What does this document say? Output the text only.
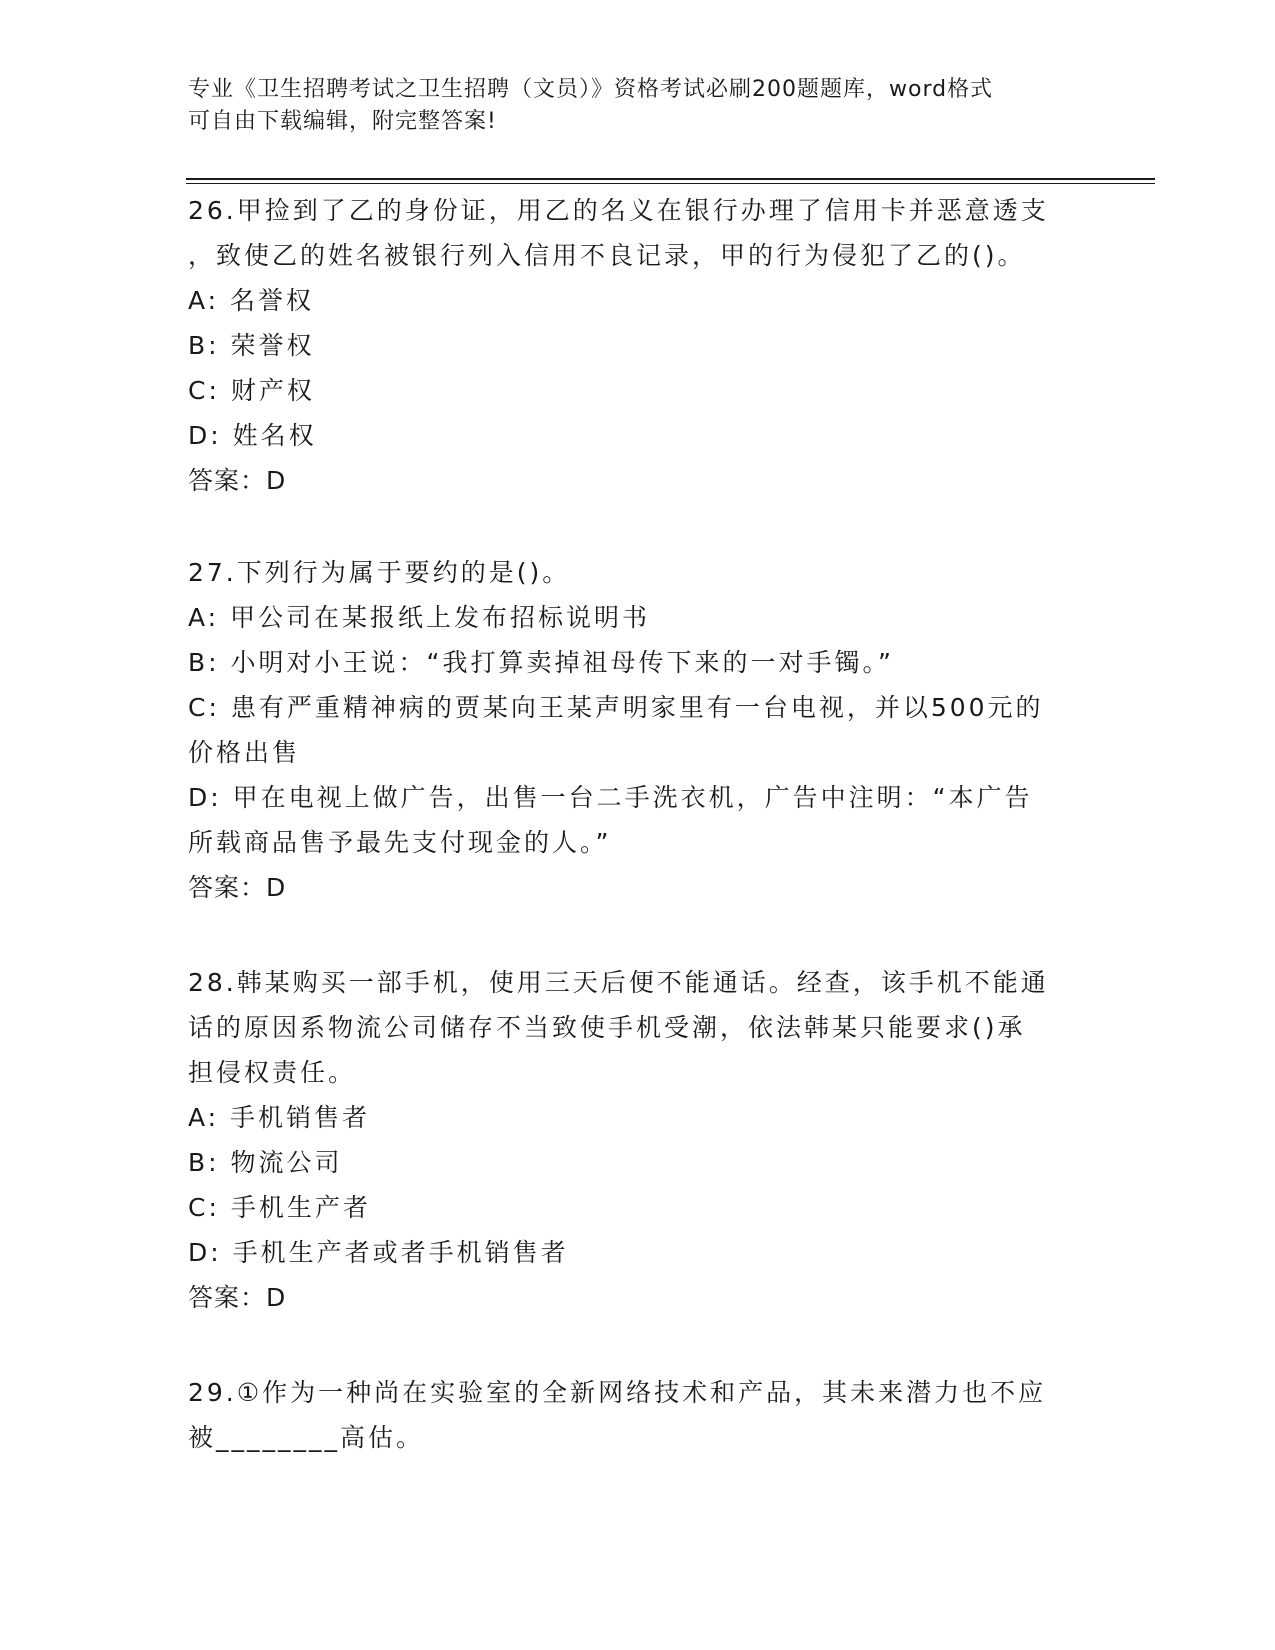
专业《卫生招聘考试之卫生招聘（文员）》资格考试必刷200题题库，word格式
可自由下载编辑，附完整答案!
26.甲捡到了乙的身份证，用乙的名义在银行办理了信用卡并恶意透支
，致使乙的姓名被银行列入信用不良记录，甲的行为侵犯了乙的()。
A: 名誉权
B: 荣誉权
C: 财产权
D: 姓名权
答案：D
27.下列行为属于要约的是()。
A: 甲公司在某报纸上发布招标说明书
B: 小明对小王说：“我打算卖掉祖母传下来的一对手镯。”
C: 患有严重精神病的贾某向王某声明家里有一台电视，并以500元的
价格出售
D: 甲在电视上做广告，出售一台二手洗衣机，广告中注明：“本广告
所载商品售予最先支付现金的人。”
答案：D
28.韩某购买一部手机，使用三天后便不能通话。经查，该手机不能通
话的原因系物流公司储存不当致使手机受潮，依法韩某只能要求()承
担侵权责任。
A: 手机销售者
B: 物流公司
C: 手机生产者
D: 手机生产者或者手机销售者
答案：D
29.①作为一种尚在实验室的全新网络技术和产品，其未来潜力也不应
被________高估。
